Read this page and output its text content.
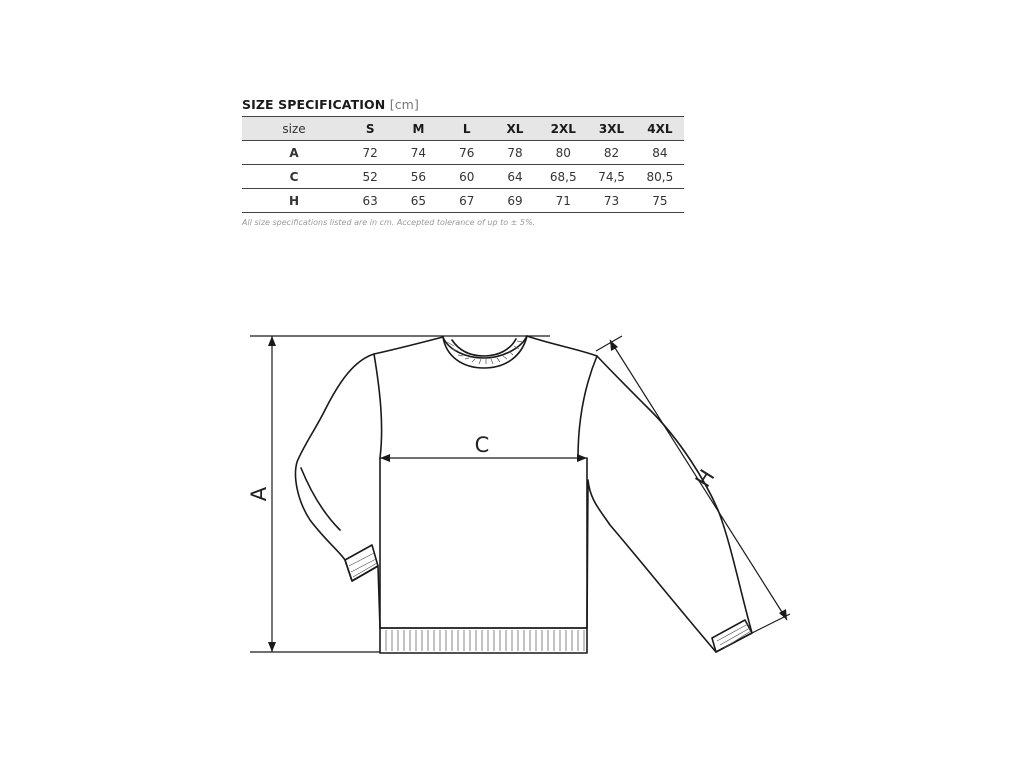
SIZE SPECIFICATION [cm]
size	S	M	L	XL	2XL	3XL	4XL
A	72	74	76	78	80	82	84
C	52	56	60	64	68,5	74,5	80,5
H	63	65	67	69	71	73	75
All size specifications listed are in cm. Accepted tolerance of up to ± 5%.
A
C
H
